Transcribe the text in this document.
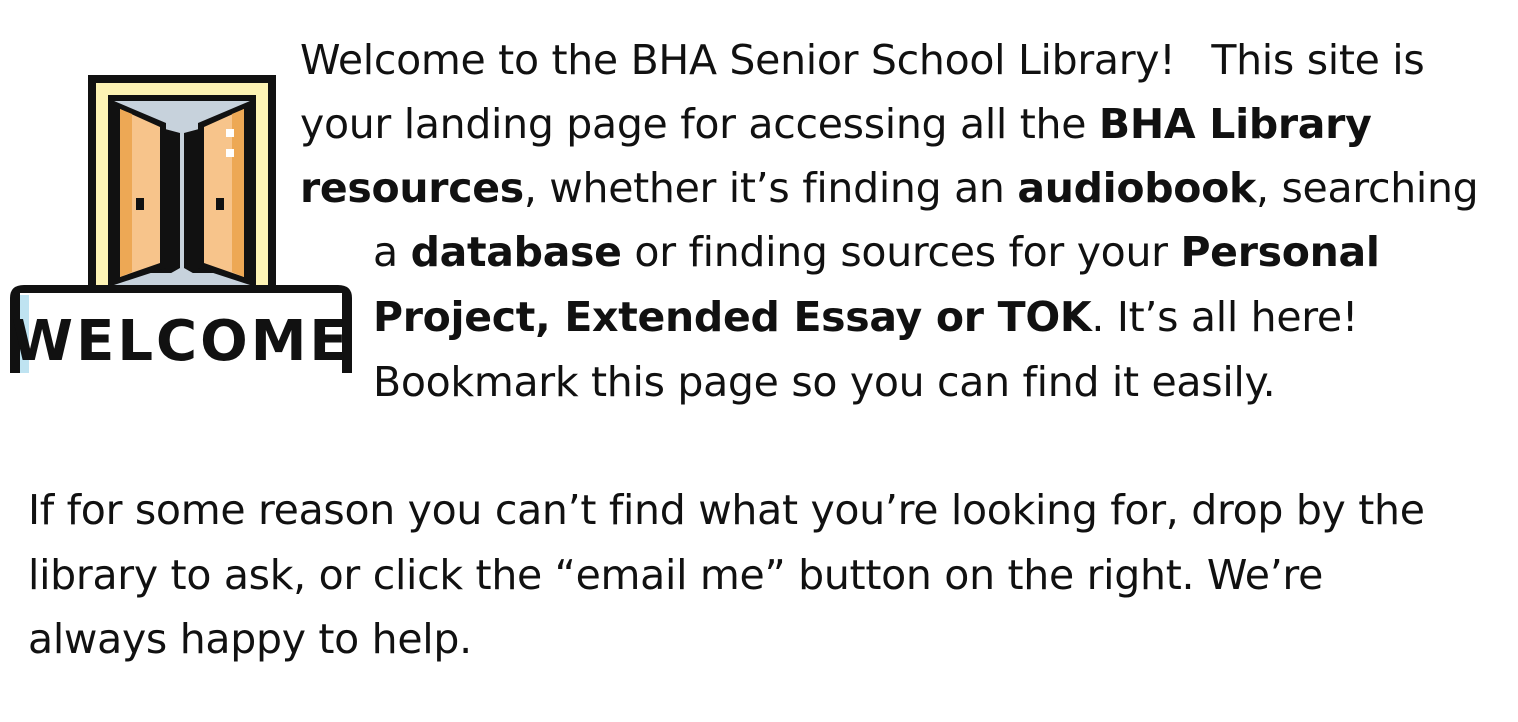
WELCOME
Welcome to the BHA Senior School Library! This site is
your landing page for accessing all the BHA Library
resources, whether it’s finding an audiobook, searching
a database or finding sources for your Personal
Project, Extended Essay or TOK. It’s all here!
Bookmark this page so you can find it easily.
If for some reason you can’t find what you’re looking for, drop by the
library to ask, or click the “email me” button on the right. We’re
always happy to help.
